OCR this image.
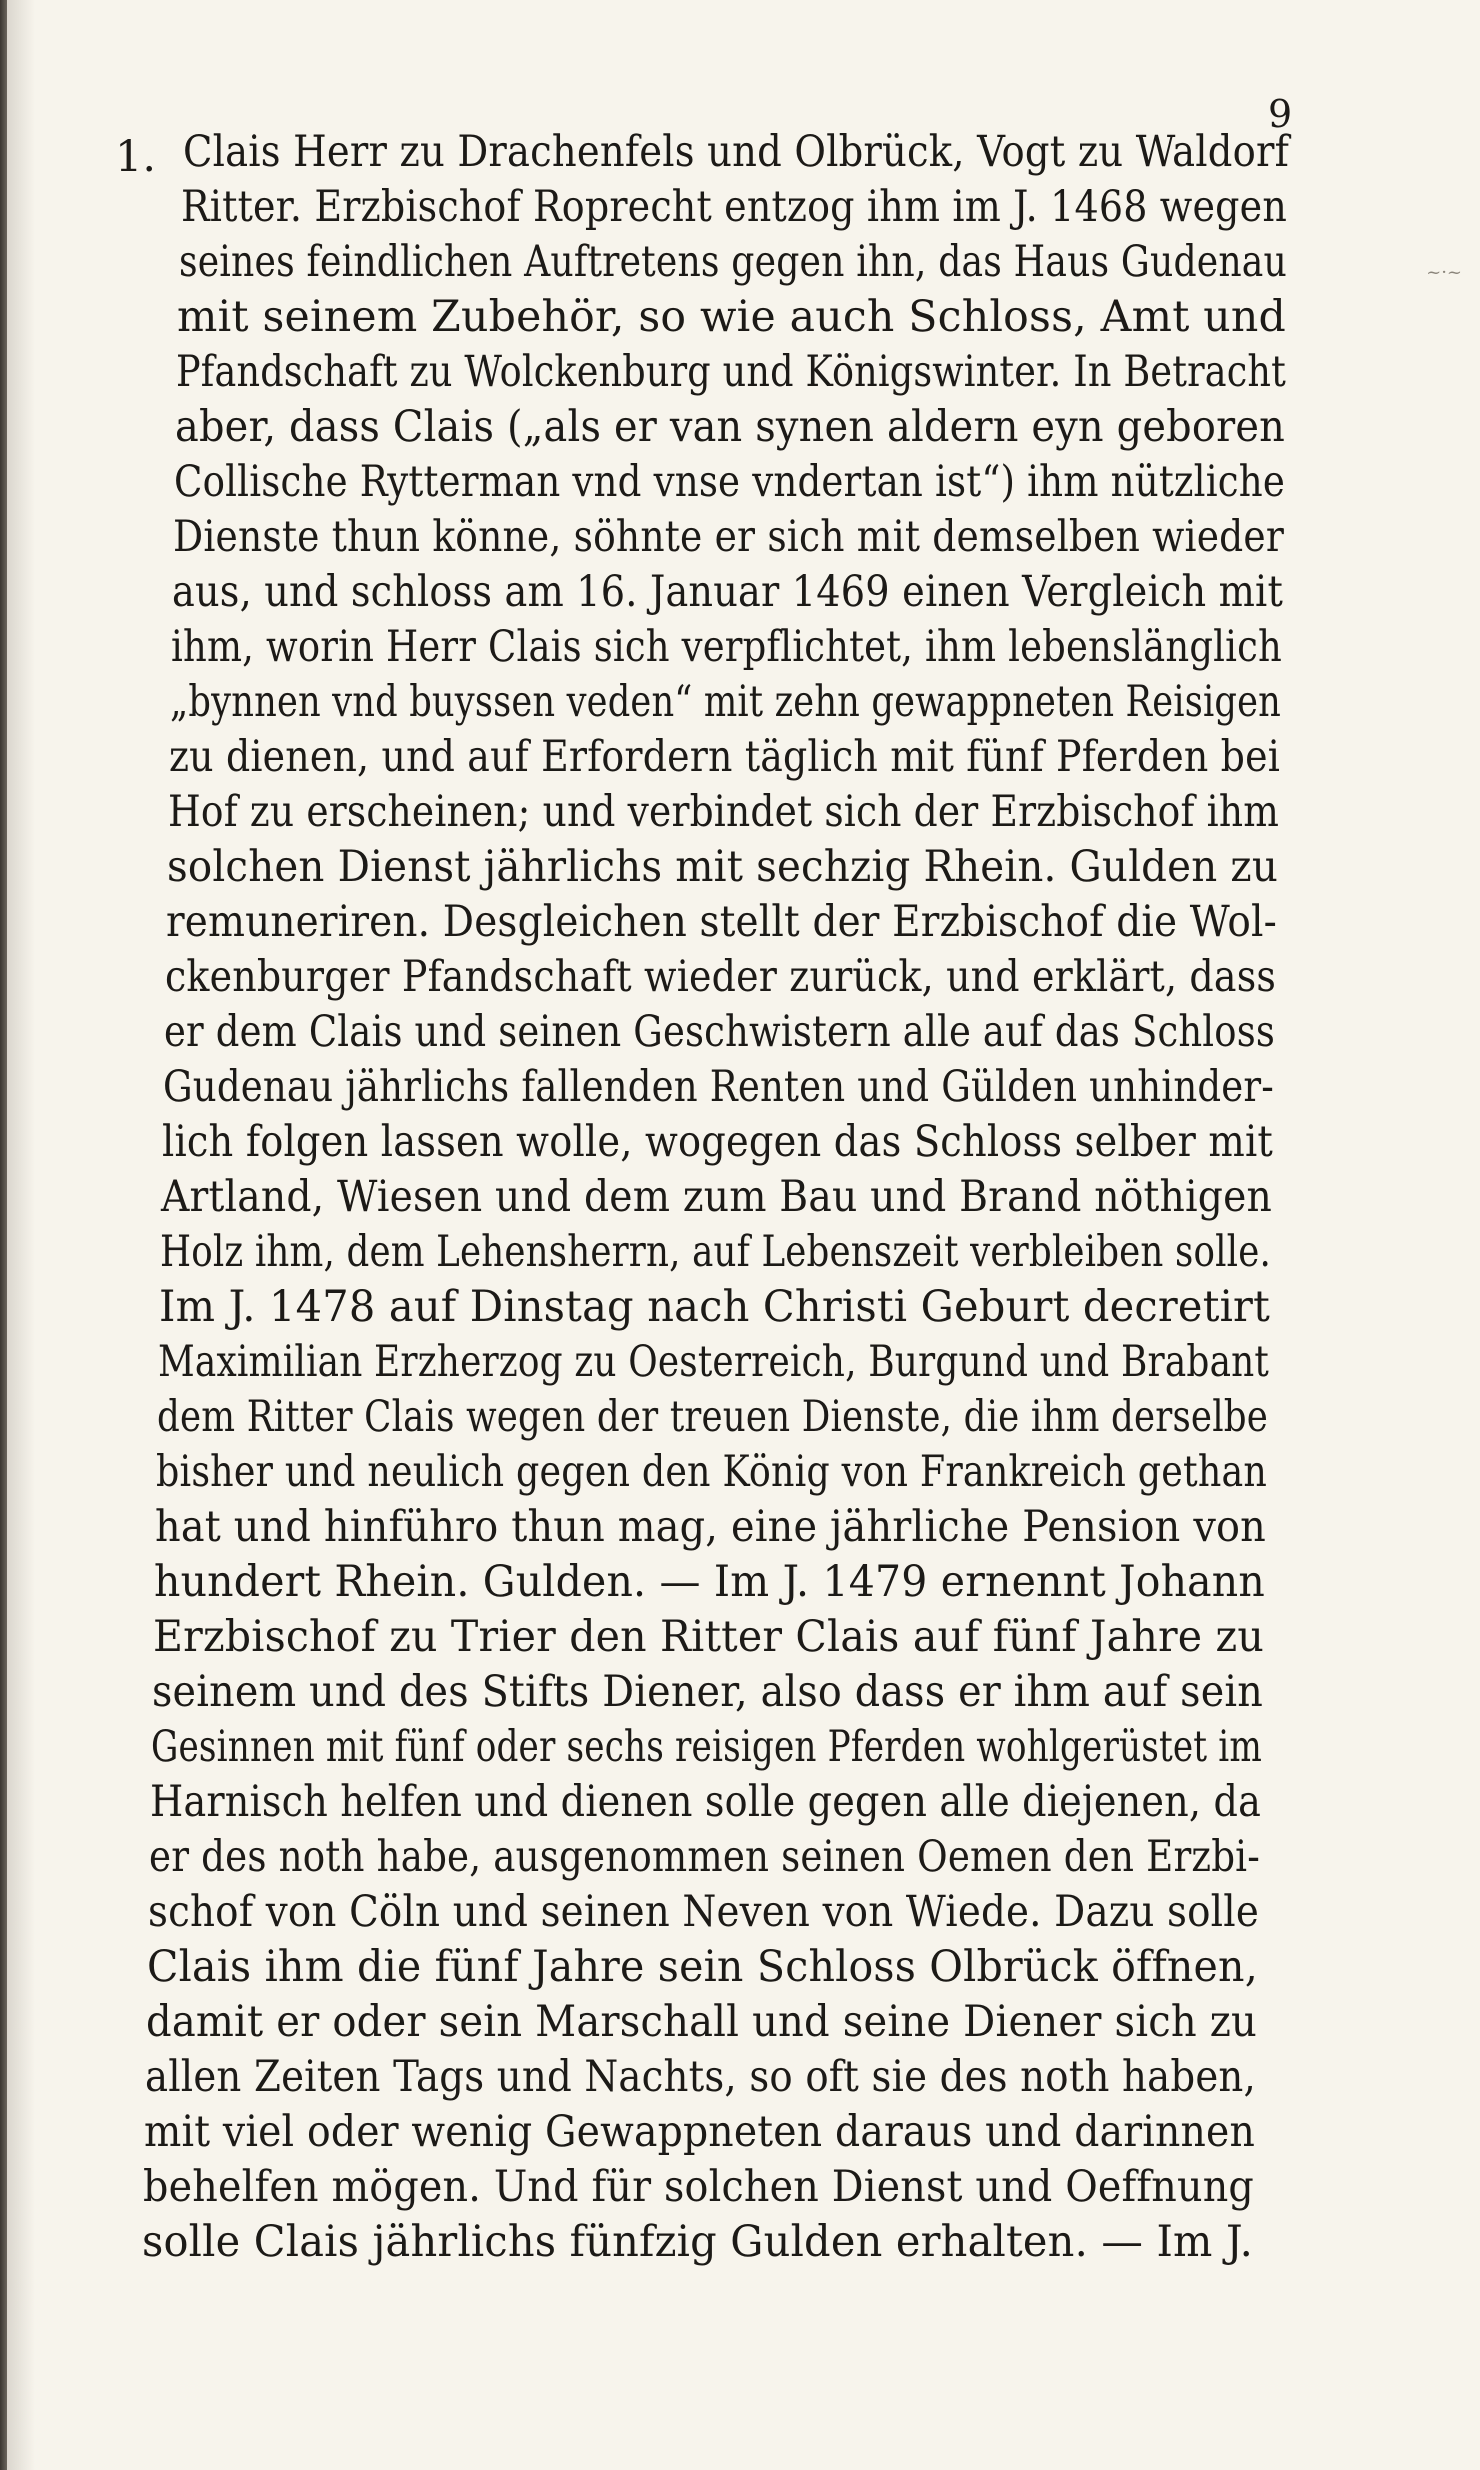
~·~
9
1. Clais Herr zu Drachenfels und Olbrück, Vogt zu Waldorf
Ritter. Erzbischof Roprecht entzog ihm im J. 1468 wegen
seines feindlichen Auftretens gegen ihn, das Haus Gudenau
mit seinem Zubehör, so wie auch Schloss, Amt und
Pfandschaft zu Wolckenburg und Königswinter. In Betracht
aber, dass Clais („als er van synen aldern eyn geboren
Collische Rytterman vnd vnse vndertan ist“) ihm nützliche
Dienste thun könne, söhnte er sich mit demselben wieder
aus, und schloss am 16. Januar 1469 einen Vergleich mit
ihm, worin Herr Clais sich verpflichtet, ihm lebenslänglich
„bynnen vnd buyssen veden“ mit zehn gewappneten Reisigen
zu dienen, und auf Erfordern täglich mit fünf Pferden bei
Hof zu erscheinen; und verbindet sich der Erzbischof ihm
solchen Dienst jährlichs mit sechzig Rhein. Gulden zu
remuneriren. Desgleichen stellt der Erzbischof die Wol-
ckenburger Pfandschaft wieder zurück, und erklärt, dass
er dem Clais und seinen Geschwistern alle auf das Schloss
Gudenau jährlichs fallenden Renten und Gülden unhinder-
lich folgen lassen wolle, wogegen das Schloss selber mit
Artland, Wiesen und dem zum Bau und Brand nöthigen
Holz ihm, dem Lehensherrn, auf Lebenszeit verbleiben solle.
Im J. 1478 auf Dinstag nach Christi Geburt decretirt
Maximilian Erzherzog zu Oesterreich, Burgund und Brabant
dem Ritter Clais wegen der treuen Dienste, die ihm derselbe
bisher und neulich gegen den König von Frankreich gethan
hat und hinführo thun mag, eine jährliche Pension von
hundert Rhein. Gulden. — Im J. 1479 ernennt Johann
Erzbischof zu Trier den Ritter Clais auf fünf Jahre zu
seinem und des Stifts Diener, also dass er ihm auf sein
Gesinnen mit fünf oder sechs reisigen Pferden wohlgerüstet im
Harnisch helfen und dienen solle gegen alle diejenen, da
er des noth habe, ausgenommen seinen Oemen den Erzbi-
schof von Cöln und seinen Neven von Wiede. Dazu solle
Clais ihm die fünf Jahre sein Schloss Olbrück öffnen,
damit er oder sein Marschall und seine Diener sich zu
allen Zeiten Tags und Nachts, so oft sie des noth haben,
mit viel oder wenig Gewappneten daraus und darinnen
behelfen mögen. Und für solchen Dienst und Oeffnung
solle Clais jährlichs fünfzig Gulden erhalten. — Im J.
